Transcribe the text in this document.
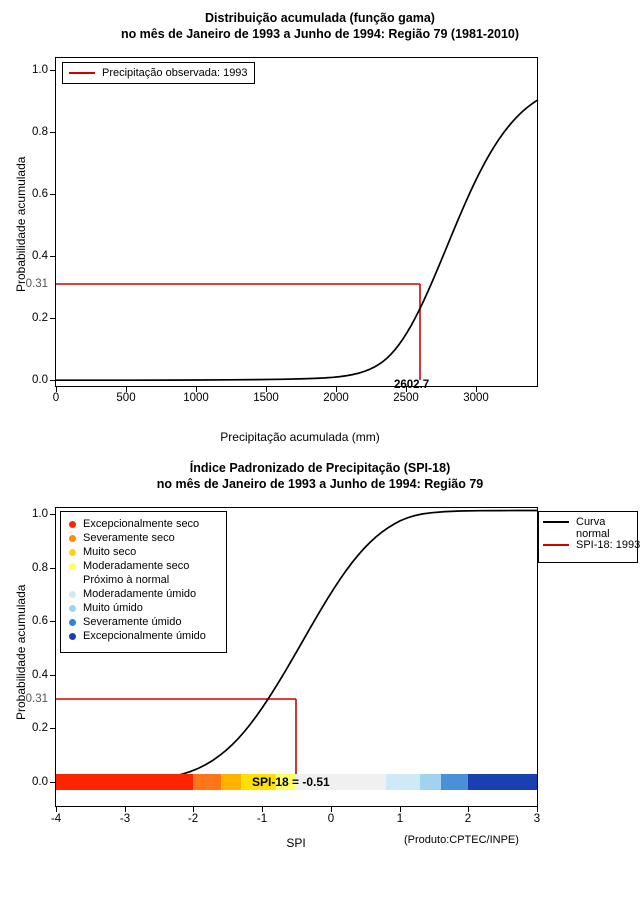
Distribuição acumulada (função gama)
no mês de Janeiro de 1993 a Junho de 1994: Região 79 (1981-2010)
0.0
0.2
0.4
0.6
0.8
1.0
0.31
0	500	1000	1500	2000	2500	3000
2602.7
Precipitação acumulada (mm)
Probabilidade acumulada
Precipitação observada: 1993
Índice Padronizado de Precipitação (SPI-18)
no mês de Janeiro de 1993 a Junho de 1994: Região 79
SPI-18 = -0.51
0.0
0.2
0.4
0.6
0.8
1.0
0.31
-4	-3	-2	-1	0	1	2	3
SPI
Probabilidade acumulada
(Produto:CPTEC/INPE)
Excepcionalmente seco
Severamente seco
Muito seco
Moderadamente seco
Próximo à normal
Moderadamente úmido
Muito úmido
Severamente úmido
Excepcionalmente úmido
Curva
normal
SPI-18: 1993
